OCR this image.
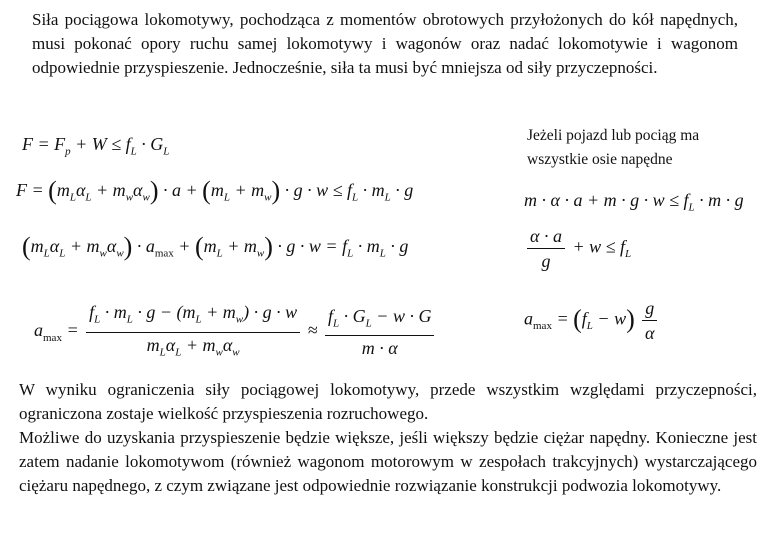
Siła pociągowa lokomotywy, pochodząca z momentów obrotowych przyłożonych do kół napędnych, musi pokonać opory ruchu samej lokomotywy i wagonów oraz nadać lokomotywie i wagonom odpowiednie przyspieszenie. Jednocześnie, siła ta musi być mniejsza od siły przyczepności.
Jeżeli pojazd lub pociąg ma wszystkie osie napędne
$F = F_p + W \le f_L \cdot G_L$
$F = (m_L\alpha_L + m_w\alpha_w) \cdot a + (m_L + m_w) \cdot g \cdot w \le f_L \cdot m_L \cdot g$
$(m_L\alpha_L + m_w\alpha_w) \cdot a_{max} + (m_L + m_w) \cdot g \cdot w = f_L \cdot m_L \cdot g$
$a_{max} = \frac{f_L \cdot m_L \cdot g - (m_L + m_w) \cdot g \cdot w}{m_L\alpha_L + m_w\alpha_w} \approx \frac{f_L \cdot G_L - w \cdot G}{m \cdot \alpha}$
$m \cdot \alpha \cdot a + m \cdot g \cdot w \le f_L \cdot m \cdot g$
$\frac{\alpha \cdot a}{g} + w \le f_L$
$a_{max} = (f_L - w) \frac{g}{\alpha}$
W wyniku ograniczenia siły pociągowej lokomotywy, przede wszystkim względami przyczepności, ograniczona zostaje wielkość przyspieszenia rozruchowego.
Możliwe do uzyskania przyspieszenie będzie większe, jeśli większy będzie ciężar napędny. Konieczne jest zatem nadanie lokomotywom (również wagonom motorowym w zespołach trakcyjnych) wystarczającego ciężaru napędnego, z czym związane jest odpowiednie rozwiązanie konstrukcji podwozia lokomotywy.
